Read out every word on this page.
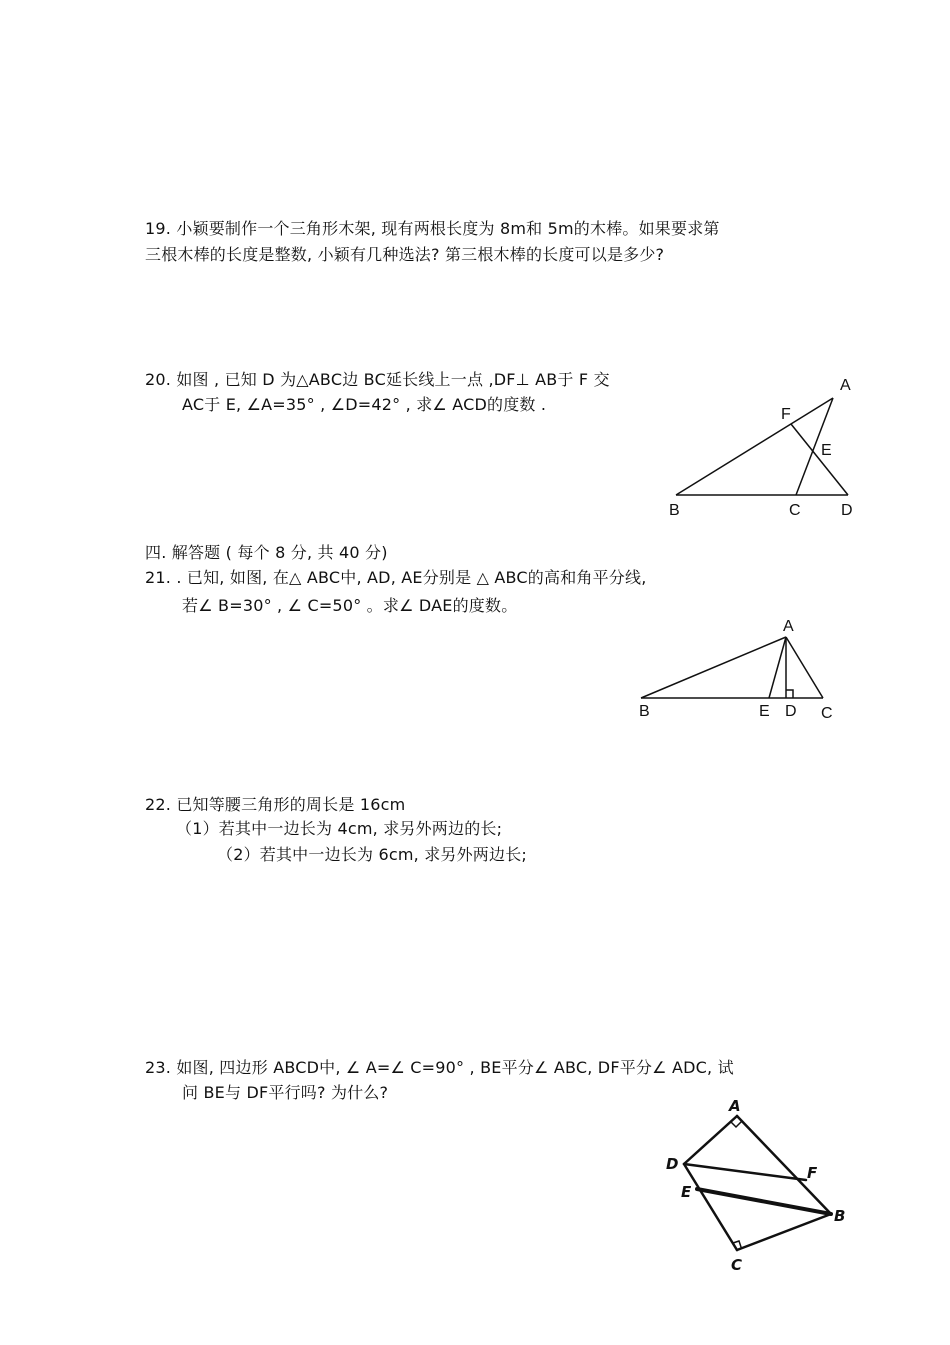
19. 小颖要制作一个三角形木架, 现有两根长度为 8m和 5m的木棒。如果要求第
三根木棒的长度是整数, 小颖有几种选法? 第三根木棒的长度可以是多少?
20. 如图 , 已知 D 为△ABC边 BC延长线上一点 ,DF⊥ AB于 F 交
AC于 E, ∠A=35° , ∠D=42° , 求∠ ACD的度数 .
A
F
E
B	C	D
四. 解答题 ( 每个 8 分, 共 40 分)
21. . 已知, 如图, 在△ ABC中, AD, AE分别是 △ ABC的高和角平分线,
若∠ B=30° , ∠ C=50° 。求∠ DAE的度数。
A
B	E D C
22. 已知等腰三角形的周长是 16cm
（1）若其中一边长为 4cm, 求另外两边的长;
（2）若其中一边长为 6cm, 求另外两边长;
23. 如图, 四边形 ABCD中, ∠ A=∠ C=90° , BE平分∠ ABC, DF平分∠ ADC, 试
问 BE与 DF平行吗? 为什么?
A
D	F
E
B
C
